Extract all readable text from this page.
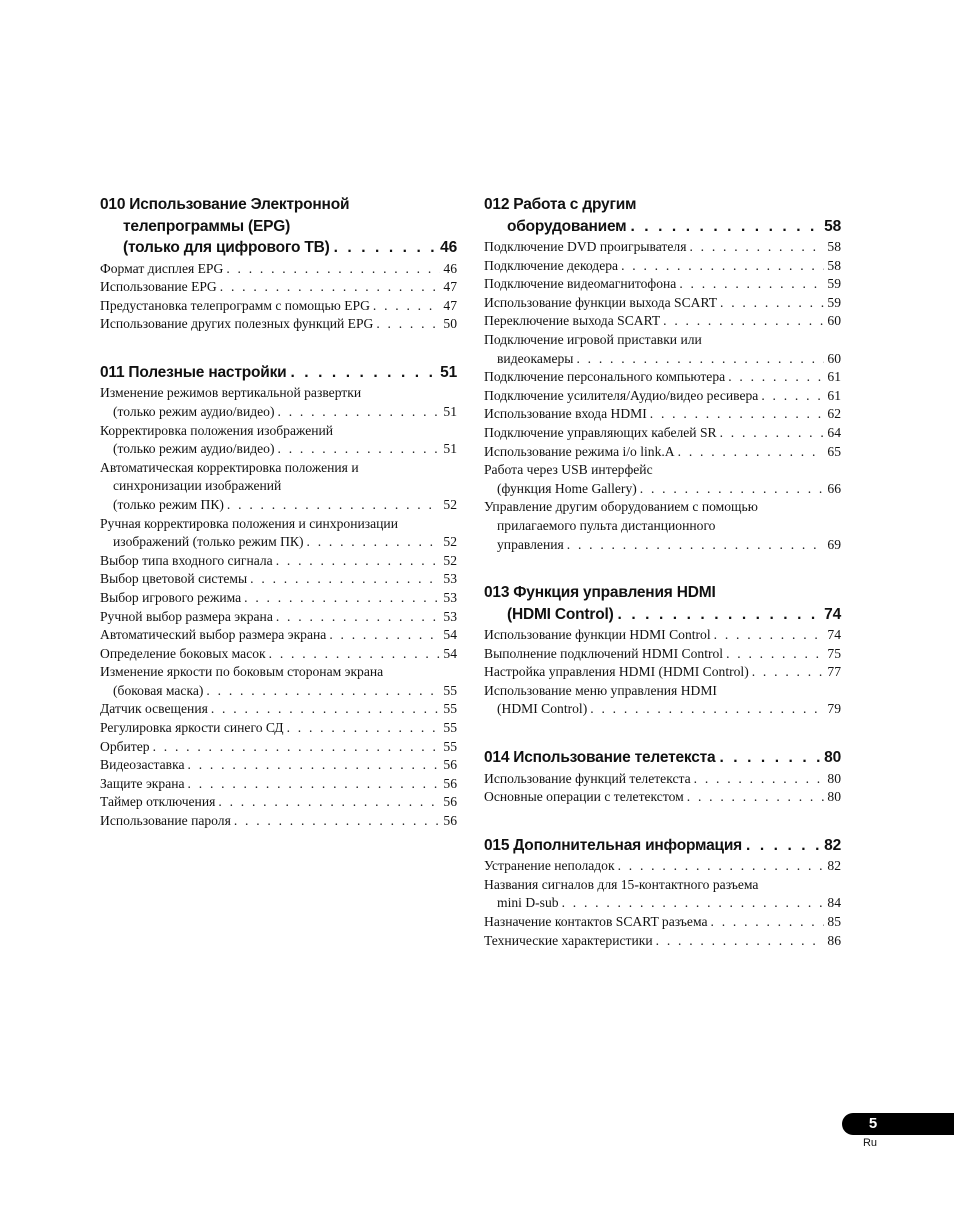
010 Использование Электронной
телепрограммы (EPG)
(только для цифрового ТВ) . . .	46
Формат дисплея EPG . . .	46
Использование EPG . . .	47
Предустановка телепрограмм с помощью EPG . . .	47
Использование других полезных функций EPG . . .	50
011 Полезные настройки . . .	51
Изменение режимов вертикальной развертки
(только режим аудио/видео) . . .	51
Корректировка положения изображений
(только режим аудио/видео) . . .	51
Автоматическая корректировка положения и
синхронизации изображений
(только режим ПК) . . .	52
Ручная корректировка положения и синхронизации
изображений (только режим ПК) . . .	52
Выбор типа входного сигнала . . .	52
Выбор цветовой системы . . .	53
Выбор игрового режима . . .	53
Ручной выбор размера экрана . . .	53
Автоматический выбор размера экрана . . .	54
Определение боковых масок . . .	54
Изменение яркости по боковым сторонам экрана
(боковая маска) . . .	55
Датчик освещения . . .	55
Регулировка яркости синего СД . . .	55
Орбитер . . .	55
Видеозаставка . . .	56
Защите экрана . . .	56
Таймер отключения . . .	56
Использование пароля . . .	56
012 Работа с другим
оборудованием . . .	58
Подключение DVD проигрывателя . . .	58
Подключение декодера . . .	58
Подключение видеомагнитофона . . .	59
Использование функции выхода SCART . . .	59
Переключение выхода SCART . . .	60
Подключение игровой приставки или
видеокамеры . . .	60
Подключение персонального компьютера . . .	61
Подключение усилителя/Аудио/видео ресивера . . .	61
Использование входа HDMI . . .	62
Подключение управляющих кабелей SR . . .	64
Использование режима i/o link.A . . .	65
Работа через USB интерфейс
(функция Home Gallery) . . .	66
Управление другим оборудованием с помощью
прилагаемого пульта дистанционного
управления . . .	69
013 Функция управления HDMI
(HDMI Control) . . .	74
Использование функции HDMI Control . . .	74
Выполнение подключений HDMI Control . . .	75
Настройка управления HDMI (HDMI Control) . . .	77
Использование меню управления HDMI
(HDMI Control) . . .	79
014 Использование телетекста . . .	80
Использование функций телетекста . . .	80
Основные операции с телетекстом . . .	80
015 Дополнительная информация . . .	82
Устранение неполадок . . .	82
Названия сигналов для 15-контактного разъема
mini D-sub . . .	84
Назначение контактов SCART разъема . . .	85
Технические характеристики . . .	86
5
Ru
